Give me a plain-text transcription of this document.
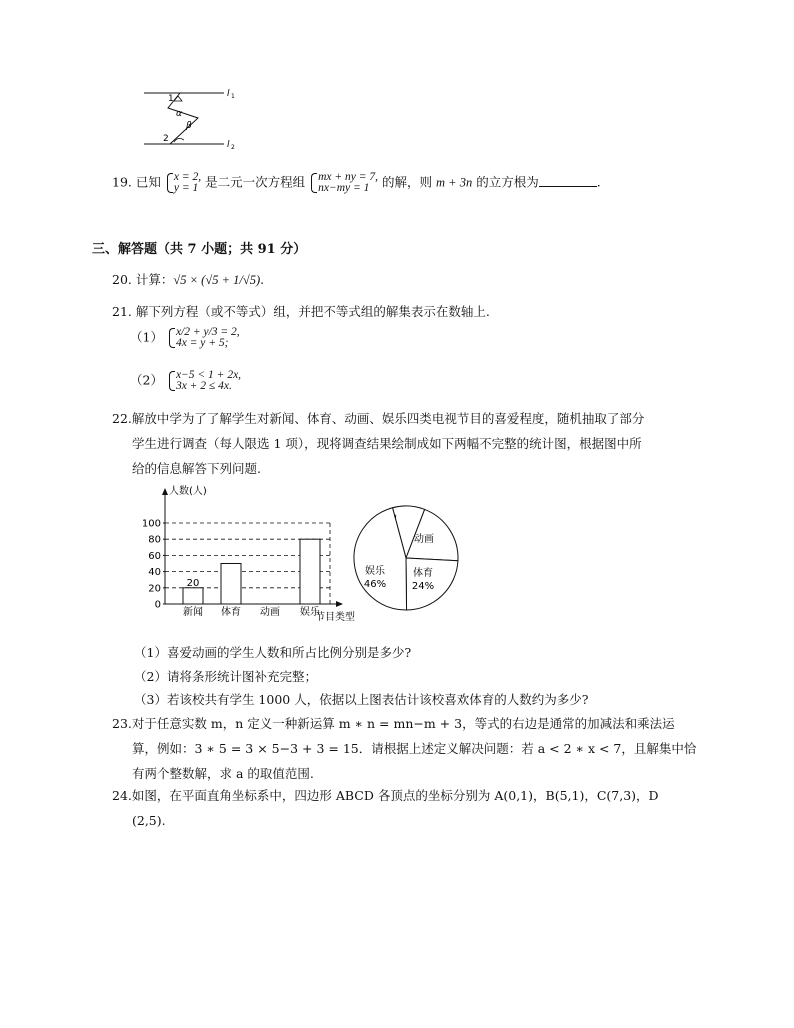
l 1
l 2
1
α
β
2
19. 已知 x = 2,
y = 1 是二元一次方程组 mx + ny = 7,
nx−my = 1 的解，则 m + 3n 的立方根为	.
三、解答题（共 7 小题；共 91 分）
20. 计算：√5 × (√5 + 1/√5).
21. 解下列方程（或不等式）组，并把不等式组的解集表示在数轴上.
（1） x/2 + y/3 = 2,
4x = y + 5;
（2） x−5 < 1 + 2x,
3x + 2 ≤ 4x.
22.解放中学为了了解学生对新闻、体育、动画、娱乐四类电视节目的喜爱程度，随机抽取了部分
学生进行调查（每人限选 1 项），现将调查结果绘制成如下两幅不完整的统计图，根据图中所
给的信息解答下列问题.
人数(人)
节目类型
0
20
40
60
80
100
新闻
20
体育 动画 娱乐
动画
体育
24%
娱乐
46%
（1）喜爱动画的学生人数和所占比例分别是多少?
（2）请将条形统计图补充完整；
（3）若该校共有学生 1000 人，依据以上图表估计该校喜欢体育的人数约为多少?
23.对于任意实数 m，n 定义一种新运算 m ∗ n = mn−m + 3，等式的右边是通常的加减法和乘法运
算，例如：3 ∗ 5 = 3 × 5−3 + 3 = 15．请根据上述定义解决问题：若 a < 2 ∗ x < 7，且解集中恰
有两个整数解，求 a 的取值范围.
24.如图，在平面直角坐标系中，四边形 ABCD 各顶点的坐标分别为 A(0,1)，B(5,1)，C(7,3)，D
(2,5).
